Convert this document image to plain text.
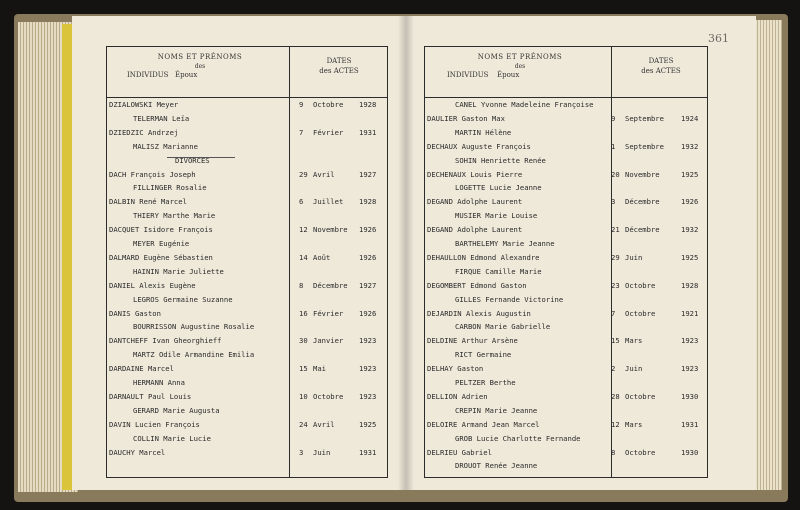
361
NOMS ET PRÉNOMS
des
INDIVIDUS Époux
DATES
des ACTES
DZIALOWSKI Meyer	9 Octobre 1928
TELERMAN Leïa
DZIEDZIC Andrzej	7 Février 1931
MALISZ Marianne
DIVORCES
DACH François Joseph	29 Avril	1927
FILLINGER Rosalie
DALBIN René Marcel	6 Juillet 1928
THIERY Marthe Marie
DACQUET Isidore François	12 Novembre 1926
MEYER Eugénie
DALMARD Eugène Sébastien	14 Août	1926
HAININ Marie Juliette
DANIEL Alexis Eugène	8 Décembre 1927
LEGROS Germaine Suzanne
DANIS Gaston	16 Février 1926
BOURRISSON Augustine Rosalie
DANTCHEFF Ivan Gheorghieff	30 Janvier 1923
MARTZ Odile Armandine Emilia
DARDAINE Marcel	15 Mai	1923
HERMANN Anna
DARNAULT Paul Louis	10 Octobre 1923
GERARD Marie Augusta
DAVIN Lucien François	24 Avril	1925
COLLIN Marie Lucie
DAUCHY Marcel	3 Juin	1931
NOMS ET PRÉNOMS
des
INDIVIDUS Époux
DATES
des ACTES
CANEL Yvonne Madeleine Françoise
DAULIER Gaston Max	9 Septembre 1924
MARTIN Hélène
DECHAUX Auguste François	1 Septembre 1932
SOHIN Henriette Renée
DECHENAUX Louis Pierre	20 Novembre	1925
LOGETTE Lucie Jeanne
DEGAND Adolphe Laurent	3 Décembre	1926
MUSIER Marie Louise
DEGAND Adolphe Laurent	21 Décembre	1932
BARTHELEMY Marie Jeanne
DEHAULLON Edmond Alexandre	29 Juin	1925
FIRQUE Camille Marie
DEGOMBERT Edmond Gaston	23 Octobre	1928
GILLES Fernande Victorine
DEJARDIN Alexis Augustin	7 Octobre	1921
CARBON Marie Gabrielle
DELDINE Arthur Arsène	15 Mars	1923
RICT Germaine
DELHAY Gaston	2 Juin	1923
PELTZER Berthe
DELLION Adrien	28 Octobre	1930
CREPIN Marie Jeanne
DELOIRE Armand Jean Marcel	12 Mars	1931
GROB Lucie Charlotte Fernande
DELRIEU Gabriel	8 Octobre	1930
DROUOT Renée Jeanne
